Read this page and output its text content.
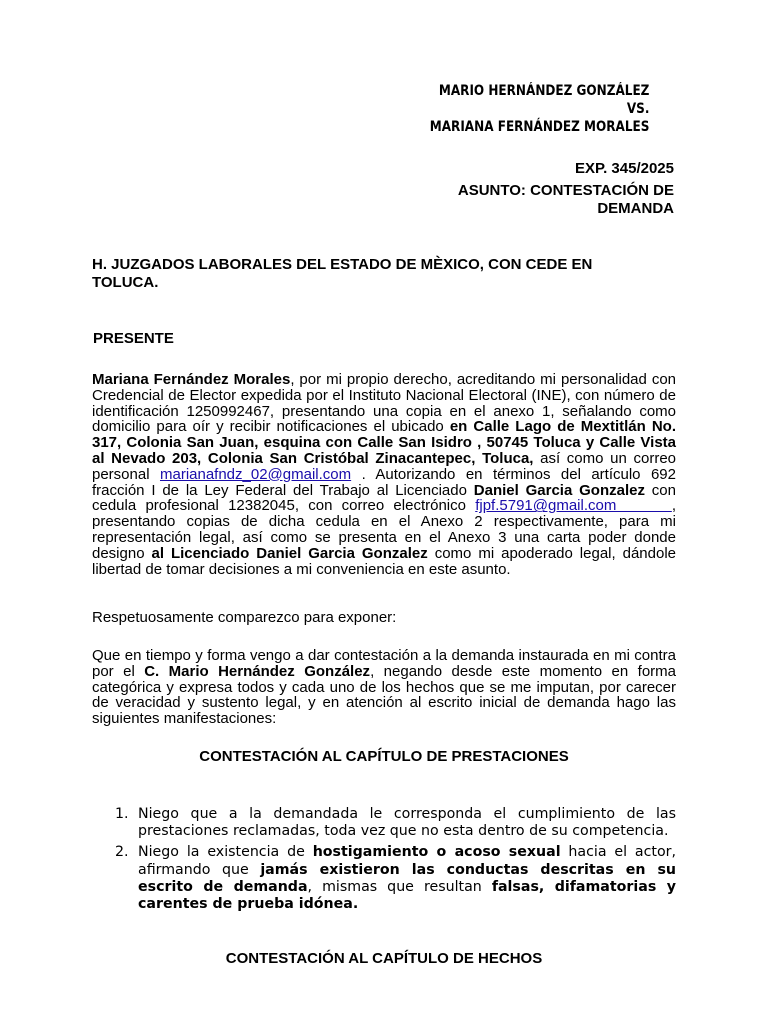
MARIO HERNÁNDEZ GONZÁLEZ
VS.
MARIANA FERNÁNDEZ MORALES
EXP. 345/2025
ASUNTO: CONTESTACIÓN DE
DEMANDA
H. JUZGADOS LABORALES DEL ESTADO DE MÈXICO, CON CEDE EN TOLUCA.
PRESENTE
Mariana Fernández Morales, por mi propio derecho, acreditando mi personalidad con Credencial de Elector expedida por el Instituto Nacional Electoral (INE), con número de identificación 1250992467, presentando una copia en el anexo 1, señalando como domicilio para oír y recibir notificaciones el ubicado en Calle Lago de Mextitlán No. 317, Colonia San Juan, esquina con Calle San Isidro , 50745 Toluca y Calle Vista al Nevado 203, Colonia San Cristóbal Zinacantepec, Toluca, así como un correo personal marianafndz_02@gmail.com . Autorizando en términos del artículo 692 fracción I de la Ley Federal del Trabajo al Licenciado Daniel Garcia Gonzalez con cedula profesional 12382045, con correo electrónico fjpf.5791@gmail.com      , presentando copias de dicha cedula en el Anexo 2 respectivamente, para mi representación legal, así como se presenta en el Anexo 3 una carta poder donde designo al Licenciado Daniel Garcia Gonzalez como mi apoderado legal, dándole libertad de tomar decisiones a mi conveniencia en este asunto.
Respetuosamente comparezco para exponer:
Que en tiempo y forma vengo a dar contestación a la demanda instaurada en mi contra por el C. Mario Hernández González, negando desde este momento en forma categórica y expresa todos y cada uno de los hechos que se me imputan, por carecer de veracidad y sustento legal, y en atención al escrito inicial de demanda hago las siguientes manifestaciones:
CONTESTACIÓN AL CAPÍTULO DE PRESTACIONES
1. Niego que a la demandada le corresponda el cumplimiento de las prestaciones reclamadas, toda vez que no esta dentro de su competencia.
2. Niego la existencia de hostigamiento o acoso sexual hacia el actor, afirmando que jamás existieron las conductas descritas en su escrito de demanda, mismas que resultan falsas, difamatorias y carentes de prueba idónea.
CONTESTACIÓN AL CAPÍTULO DE HECHOS
